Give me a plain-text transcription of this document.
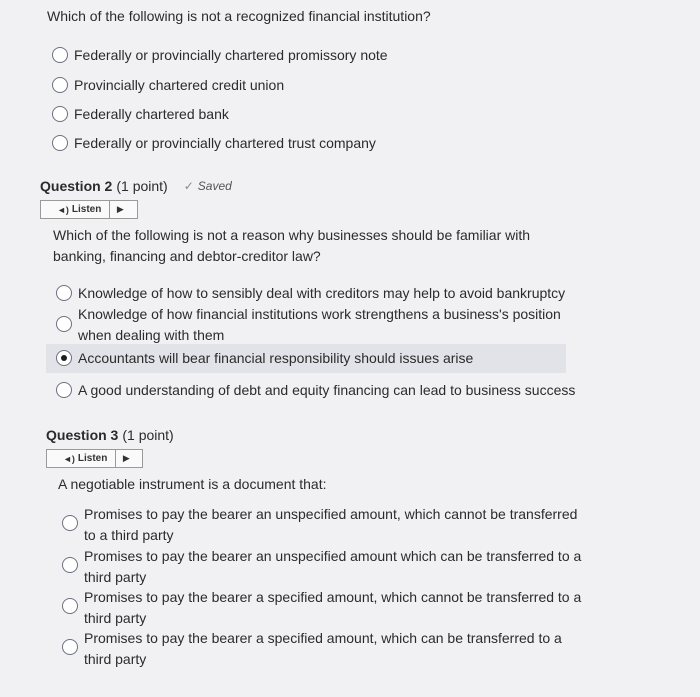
Which of the following is not a recognized financial institution?
Federally or provincially chartered promissory note
Provincially chartered credit union
Federally chartered bank
Federally or provincially chartered trust company
Question 2 (1 point) ✓ Saved
◄) Listen	▶
Which of the following is not a reason why businesses should be familiar with
banking, financing and debtor-creditor law?
Knowledge of how to sensibly deal with creditors may help to avoid bankruptcy
Knowledge of how financial institutions work strengthens a business's position
when dealing with them
Accountants will bear financial responsibility should issues arise
A good understanding of debt and equity financing can lead to business success
Question 3 (1 point)
◄) Listen	▶
A negotiable instrument is a document that:
Promises to pay the bearer an unspecified amount, which cannot be transferred
to a third party
Promises to pay the bearer an unspecified amount which can be transferred to a
third party
Promises to pay the bearer a specified amount, which cannot be transferred to a
third party
Promises to pay the bearer a specified amount, which can be transferred to a
third party
